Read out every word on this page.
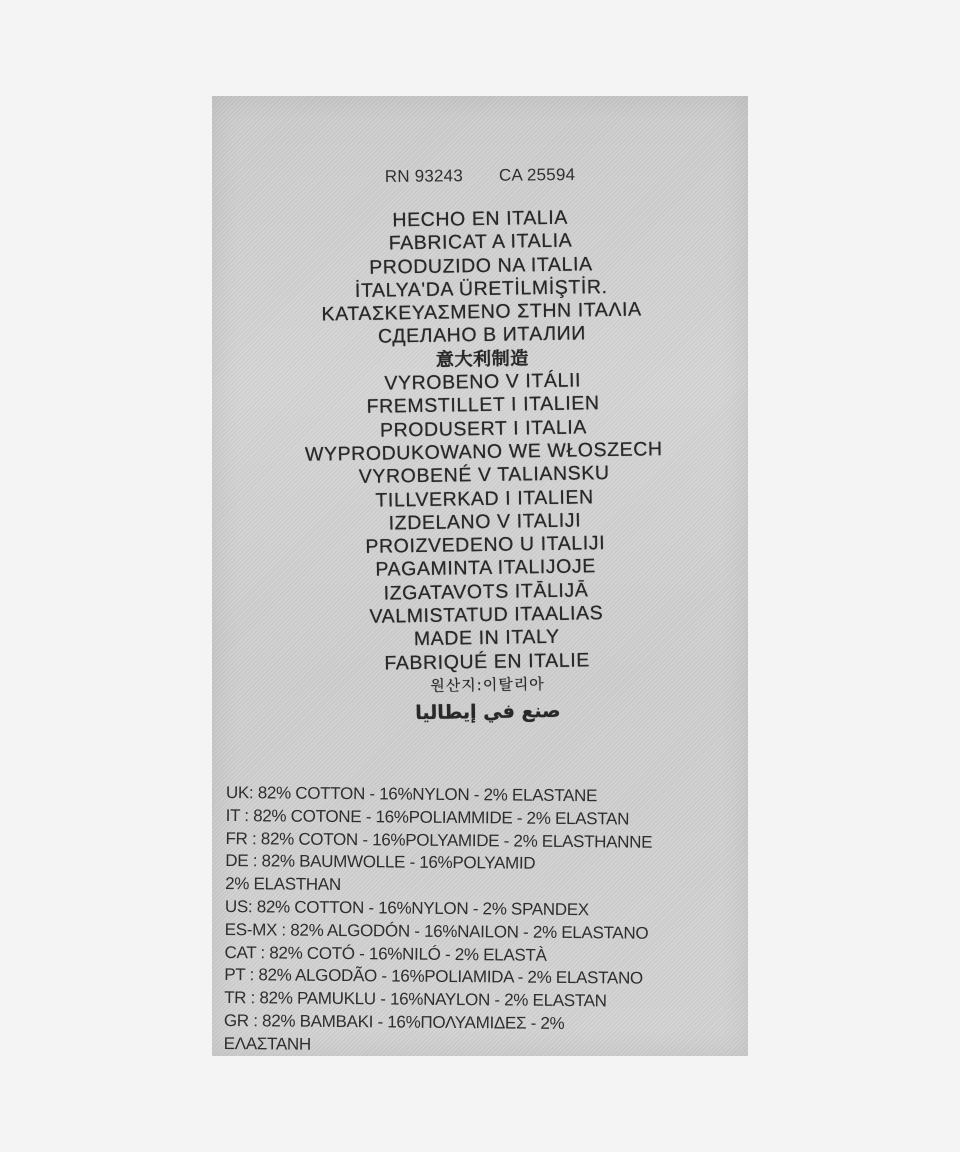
RN 93243 CA 25594
HECHO EN ITALIA
FABRICAT A ITALIA
PRODUZIDO NA ITALIA
İTALYA'DA ÜRETİLMİŞTİR.
ΚΑΤΑΣΚΕΥΑΣΜΕΝΟ ΣΤΗΝ ΙΤΑΛΙΑ
СДЕЛАНО В ИТАЛИИ
意大利制造
VYROBENO V ITÁLII
FREMSTILLET I ITALIEN
PRODUSERT I ITALIA
WYPRODUKOWANO WE WŁOSZECH
VYROBENÉ V TALIANSKU
TILLVERKAD I ITALIEN
IZDELANO V ITALIJI
PROIZVEDENO U ITALIJI
PAGAMINTA ITALIJOJE
IZGATAVOTS ITĀLIJĀ
VALMISTATUD ITAALIAS
MADE IN ITALY
FABRIQUÉ EN ITALIE
원산지:이탈리아
صنع في إيطاليا
UK: 82% COTTON - 16%NYLON - 2% ELASTANE
IT : 82% COTONE - 16%POLIAMMIDE - 2% ELASTAN
FR : 82% COTON - 16%POLYAMIDE - 2% ELASTHANNE
DE : 82% BAUMWOLLE - 16%POLYAMID
2% ELASTHAN
US: 82% COTTON - 16%NYLON - 2% SPANDEX
ES-MX : 82% ALGODÓN - 16%NAILON - 2% ELASTANO
CAT : 82% COTÓ - 16%NILÓ - 2% ELASTÀ
PT : 82% ALGODÃO - 16%POLIAMIDA - 2% ELASTANO
TR : 82% PAMUKLU - 16%NAYLON - 2% ELASTAN
GR : 82% BAMBAKI - 16%ΠΟΛΥΑΜΙΔΕΣ - 2%
ΕΛΑΣΤΑΝΗ
